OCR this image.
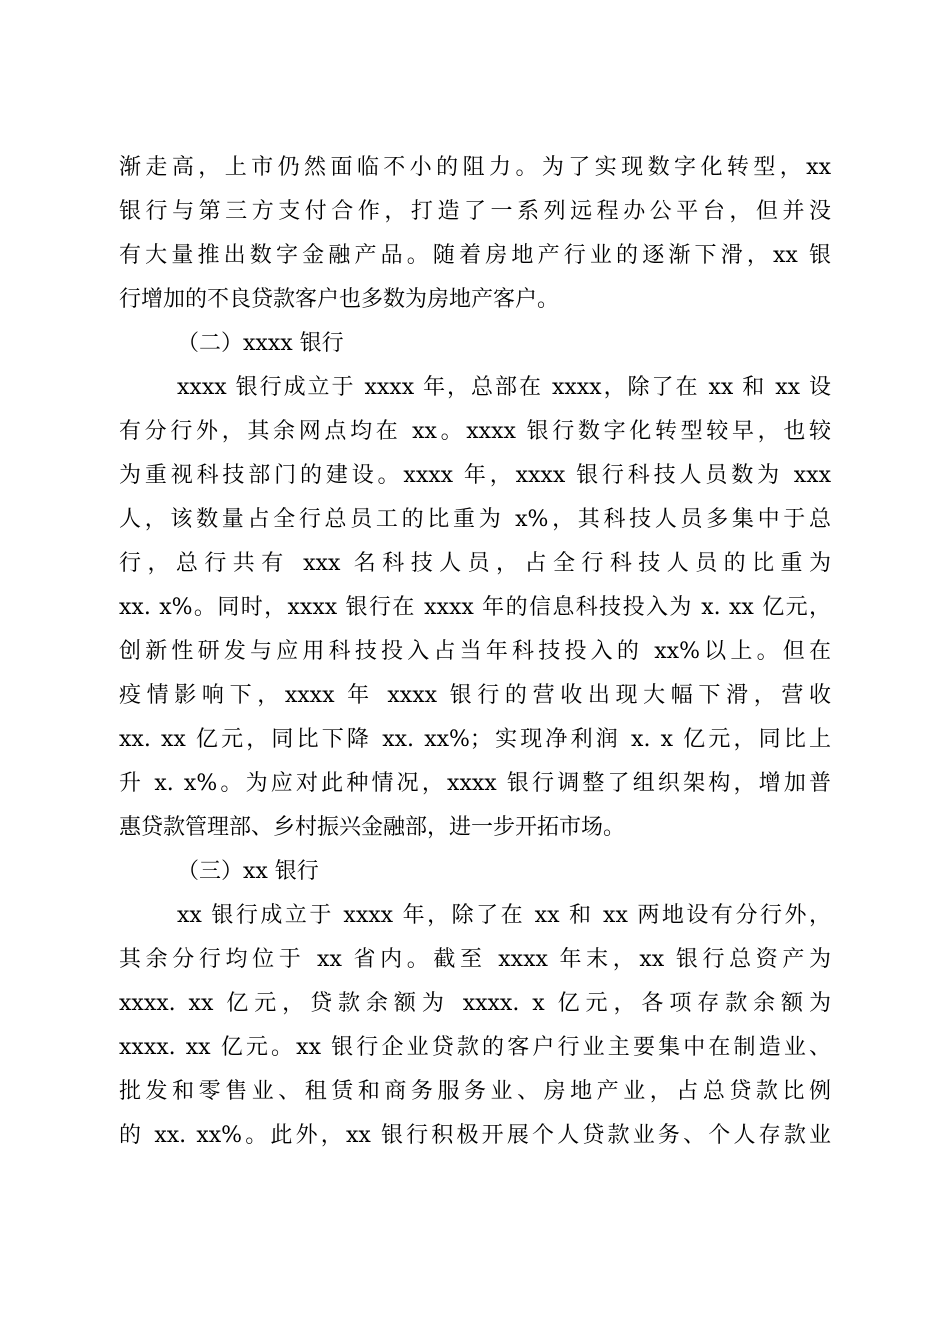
渐走高，上市仍然面临不小的阻力。为了实现数字化转型，xx
银行与第三方支付合作，打造了一系列远程办公平台，但并没
有大量推出数字金融产品。随着房地产行业的逐渐下滑，xx 银
行增加的不良贷款客户也多数为房地产客户。
（二）xxxx 银行
xxxx 银行成立于 xxxx 年，总部在 xxxx，除了在 xx 和 xx 设
有分行外，其余网点均在 xx。xxxx 银行数字化转型较早，也较
为重视科技部门的建设。xxxx 年，xxxx 银行科技人员数为 xxx
人，该数量占全行总员工的比重为 x%，其科技人员多集中于总
行，总行共有 xxx 名科技人员，占全行科技人员的比重为
xx. x%。同时，xxxx 银行在 xxxx 年的信息科技投入为 x. xx 亿元，
创新性研发与应用科技投入占当年科技投入的 xx%以上。但在
疫情影响下，xxxx 年 xxxx 银行的营收出现大幅下滑，营收
xx. xx 亿元，同比下降 xx. xx%；实现净利润 x. x 亿元，同比上
升 x. x%。为应对此种情况，xxxx 银行调整了组织架构，增加普
惠贷款管理部、乡村振兴金融部，进一步开拓市场。
（三）xx 银行
xx 银行成立于 xxxx 年，除了在 xx 和 xx 两地设有分行外，
其余分行均位于 xx 省内。截至 xxxx 年末，xx 银行总资产为
xxxx. xx 亿元，贷款余额为 xxxx. x 亿元，各项存款余额为
xxxx. xx 亿元。xx 银行企业贷款的客户行业主要集中在制造业、
批发和零售业、租赁和商务服务业、房地产业，占总贷款比例
的 xx. xx%。此外，xx 银行积极开展个人贷款业务、个人存款业
